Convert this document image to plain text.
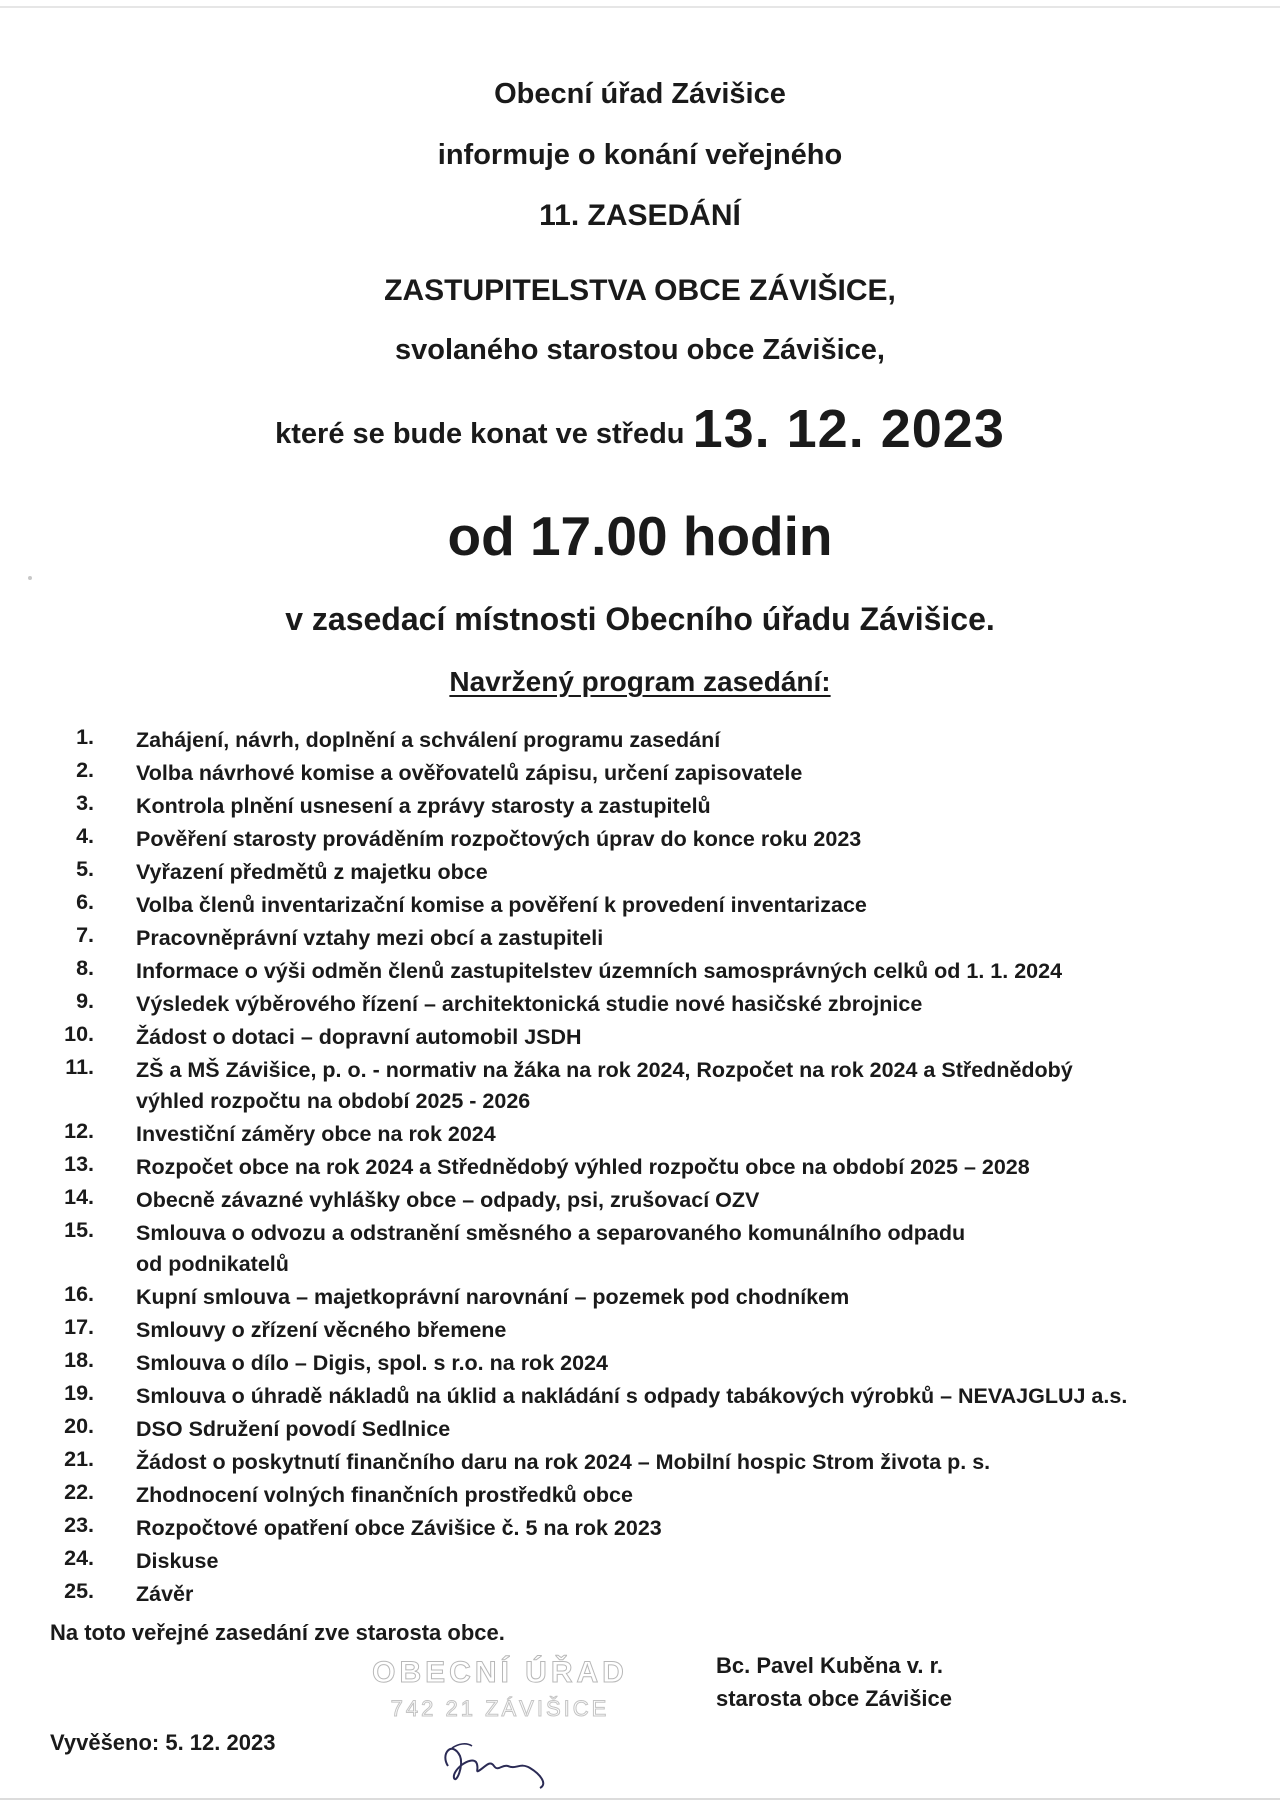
Obecní úřad Závišice
informuje o konání veřejného
11. ZASEDÁNÍ
ZASTUPITELSTVA OBCE ZÁVIŠICE,
svolaného starostou obce Závišice,
které se bude konat ve středu 13. 12. 2023
od 17.00 hodin
v zasedací místnosti Obecního úřadu Závišice.
Navržený program zasedání:
1. Zahájení, návrh, doplnění a schválení programu zasedání
2. Volba návrhové komise a ověřovatelů zápisu, určení zapisovatele
3. Kontrola plnění usnesení a zprávy starosty a zastupitelů
4. Pověření starosty prováděním rozpočtových úprav do konce roku 2023
5. Vyřazení předmětů z majetku obce
6. Volba členů inventarizační komise a pověření k provedení inventarizace
7. Pracovněprávní vztahy mezi obcí a zastupiteli
8. Informace o výši odměn členů zastupitelstev územních samosprávných celků od 1. 1. 2024
9. Výsledek výběrového řízení – architektonická studie nové hasičské zbrojnice
10. Žádost o dotaci – dopravní automobil JSDH
11. ZŠ a MŠ Závišice, p. o. - normativ na žáka na rok 2024, Rozpočet na rok 2024 a Střednědobý
výhled rozpočtu na období 2025 - 2026
12. Investiční záměry obce na rok 2024
13. Rozpočet obce na rok 2024 a Střednědobý výhled rozpočtu obce na období 2025 – 2028
14. Obecně závazné vyhlášky obce – odpady, psi, zrušovací OZV
15. Smlouva o odvozu a odstranění směsného a separovaného komunálního odpadu
od podnikatelů
16. Kupní smlouva – majetkoprávní narovnání – pozemek pod chodníkem
17. Smlouvy o zřízení věcného břemene
18. Smlouva o dílo – Digis, spol. s r.o. na rok 2024
19. Smlouva o úhradě nákladů na úklid a nakládání s odpady tabákových výrobků – NEVAJGLUJ a.s.
20. DSO Sdružení povodí Sedlnice
21. Žádost o poskytnutí finančního daru na rok 2024 – Mobilní hospic Strom života p. s.
22. Zhodnocení volných finančních prostředků obce
23. Rozpočtové opatření obce Závišice č. 5 na rok 2023
24. Diskuse
25. Závěr
Na toto veřejné zasedání zve starosta obce.
OBECNÍ ÚŘAD
742 21 ZÁVIŠICE
Bc. Pavel Kuběna v. r.
starosta obce Závišice
Vyvěšeno: 5. 12. 2023
